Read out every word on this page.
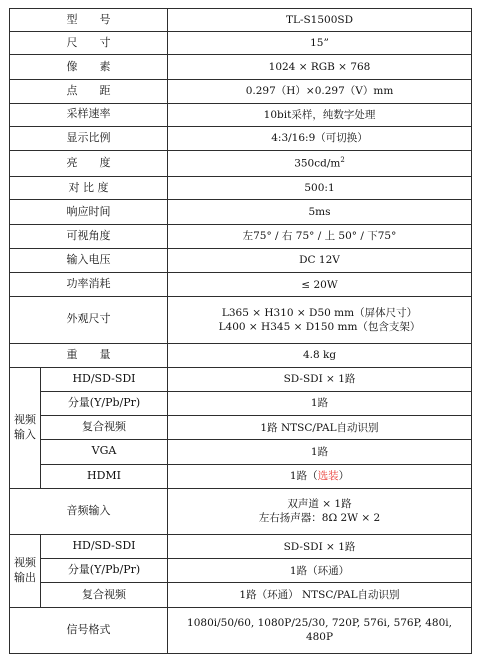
型　　号		TL-S1500SD
尺　　寸		15”
像　　素		1024 × RGB × 768
点　　距		0.297（H）×0.297（V）mm
采样速率		10bit采样，纯数字处理
显示比例		4:3/16:9（可切换）
亮　　度		$350cd/m^2$
对 比 度		500:1
响应时间		5ms
可视角度		左75° / 右 75° / 上 50° / 下75°
输入电压		DC 12V
功率消耗		≤ 20W
外观尺寸		L365 × H310 × D50 mm（屏体尺寸）
L400 × H345 × D150 mm（包含支架）

重　　量		4.8 kg

视频
输入	HD/SD-SDI	SD-SDI × 1路
	分量(Y/Pb/Pr)	1路
	复合视频	1路 NTSC/PAL自动识别
	VGA	1路
	HDMI	1路（选装）
音频输入		双声道 × 1路
左右扬声器：8Ω 2W × 2

视频
输出	HD/SD-SDI	SD-SDI × 1路
	分量(Y/Pb/Pr)	1路（环通）
	复合视频	1路（环通） NTSC/PAL自动识别
信号格式		1080i/50/60, 1080P/25/30, 720P, 576i, 576P, 480i,
480P
